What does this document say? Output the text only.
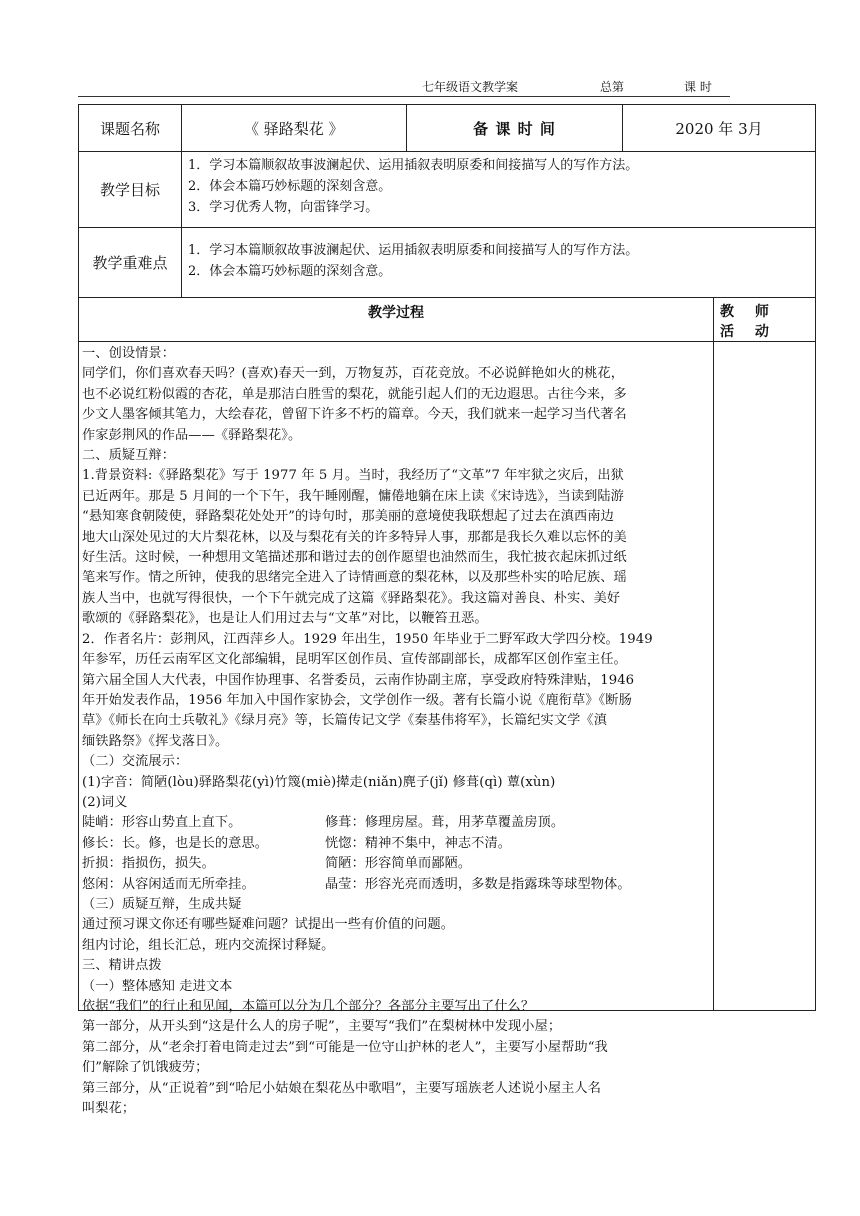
七年级语文教学案	总第	课 时
课题名称	《 驿路梨花 》	备 课 时 间	2020 年 3月
教学目标
1．学习本篇顺叙故事波澜起伏、运用插叙表明原委和间接描写人的写作方法。
2．体会本篇巧妙标题的深刻含意。
3．学习优秀人物，向雷锋学习。
教学重难点
1．学习本篇顺叙故事波澜起伏、运用插叙表明原委和间接描写人的写作方法。
2．体会本篇巧妙标题的深刻含意。
教学过程	教 师 活 动
一、创设情景：
同学们，你们喜欢春天吗？(喜欢)春天一到，万物复苏，百花竞放。不必说鲜艳如火的桃花，
也不必说红粉似霞的杏花，单是那洁白胜雪的梨花，就能引起人们的无边遐思。古往今来，多
少文人墨客倾其笔力，大绘春花，曾留下许多不朽的篇章。今天，我们就来一起学习当代著名
作家彭荆风的作品——《驿路梨花》。
二、质疑互辩：
1.背景资料:《驿路梨花》写于 1977 年 5 月。当时，我经历了“文革”7 年牢狱之灾后，出狱
已近两年。那是 5 月间的一个下午，我午睡刚醒，慵倦地躺在床上读《宋诗选》，当读到陆游
“悬知寒食朝陵使，驿路梨花处处开”的诗句时，那美丽的意境使我联想起了过去在滇西南边
地大山深处见过的大片梨花林，以及与梨花有关的许多特异人事，那都是我长久难以忘怀的美
好生活。这时候，一种想用文笔描述那和谐过去的创作愿望也油然而生，我忙披衣起床抓过纸
笔来写作。情之所钟，使我的思绪完全进入了诗情画意的梨花林，以及那些朴实的哈尼族、瑶
族人当中，也就写得很快，一个下午就完成了这篇《驿路梨花》。我这篇对善良、朴实、美好
歌颂的《驿路梨花》，也是让人们用过去与“文革”对比，以鞭笞丑恶。
2．作者名片：彭荆风，江西萍乡人。1929 年出生，1950 年毕业于二野军政大学四分校。1949
年参军，历任云南军区文化部编辑，昆明军区创作员、宣传部副部长，成都军区创作室主任。
第六届全国人大代表，中国作协理事、名誉委员，云南作协副主席，享受政府特殊津贴，1946
年开始发表作品，1956 年加入中国作家协会，文学创作一级。著有长篇小说《鹿衔草》《断肠
草》《师长在向士兵敬礼》《绿月亮》等，长篇传记文学《秦基伟将军》，长篇纪实文学《滇
缅铁路祭》《挥戈落日》。
（二）交流展示：
(1)字音：简陋(lòu)驿路梨花(yì)竹篾(miè)撵走(niǎn)麂子(jǐ) 修葺(qì) 蕈(xùn)
(2)词义
陡峭：形容山势直上直下。	修葺：修理房屋。葺，用茅草覆盖房顶。
修长：长。修，也是长的意思。	恍惚：精神不集中，神志不清。
折损：指损伤，损失。	简陋：形容简单而鄙陋。
悠闲：从容闲适而无所牵挂。	晶莹：形容光亮而透明，多数是指露珠等球型物体。
（三）质疑互辩，生成共疑
通过预习课文你还有哪些疑难问题？试提出一些有价值的问题。
组内讨论，组长汇总，班内交流探讨释疑。
三、精讲点拨
（一）整体感知 走进文本
依据“我们”的行止和见闻，本篇可以分为几个部分？各部分主要写出了什么？
第一部分，从开头到“这是什么人的房子呢”，主要写“我们”在梨树林中发现小屋；
第二部分，从“老余打着电筒走过去”到“可能是一位守山护林的老人”，主要写小屋帮助“我
们”解除了饥饿疲劳；
第三部分，从“正说着”到“哈尼小姑娘在梨花丛中歌唱”，主要写瑶族老人述说小屋主人名
叫梨花；
